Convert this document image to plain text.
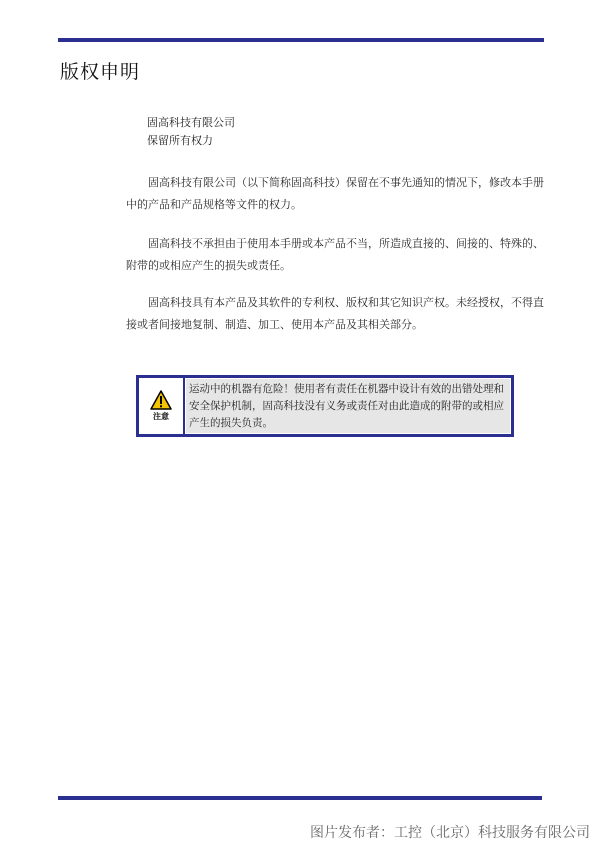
版权申明
固高科技有限公司
保留所有权力

固高科技有限公司（以下简称固高科技）保留在不事先通知的情况下，修改本手册中的产品和产品规格等文件的权力。

固高科技不承担由于使用本手册或本产品不当，所造成直接的、间接的、特殊的、附带的或相应产生的损失或责任。

固高科技具有本产品及其软件的专利权、版权和其它知识产权。未经授权，不得直接或者间接地复制、制造、加工、使用本产品及其相关部分。

注意
运动中的机器有危险！使用者有责任在机器中设计有效的出错处理和安全保护机制，固高科技没有义务或责任对由此造成的附带的或相应产生的损失负责。
图片发布者：工控（北京）科技服务有限公司
